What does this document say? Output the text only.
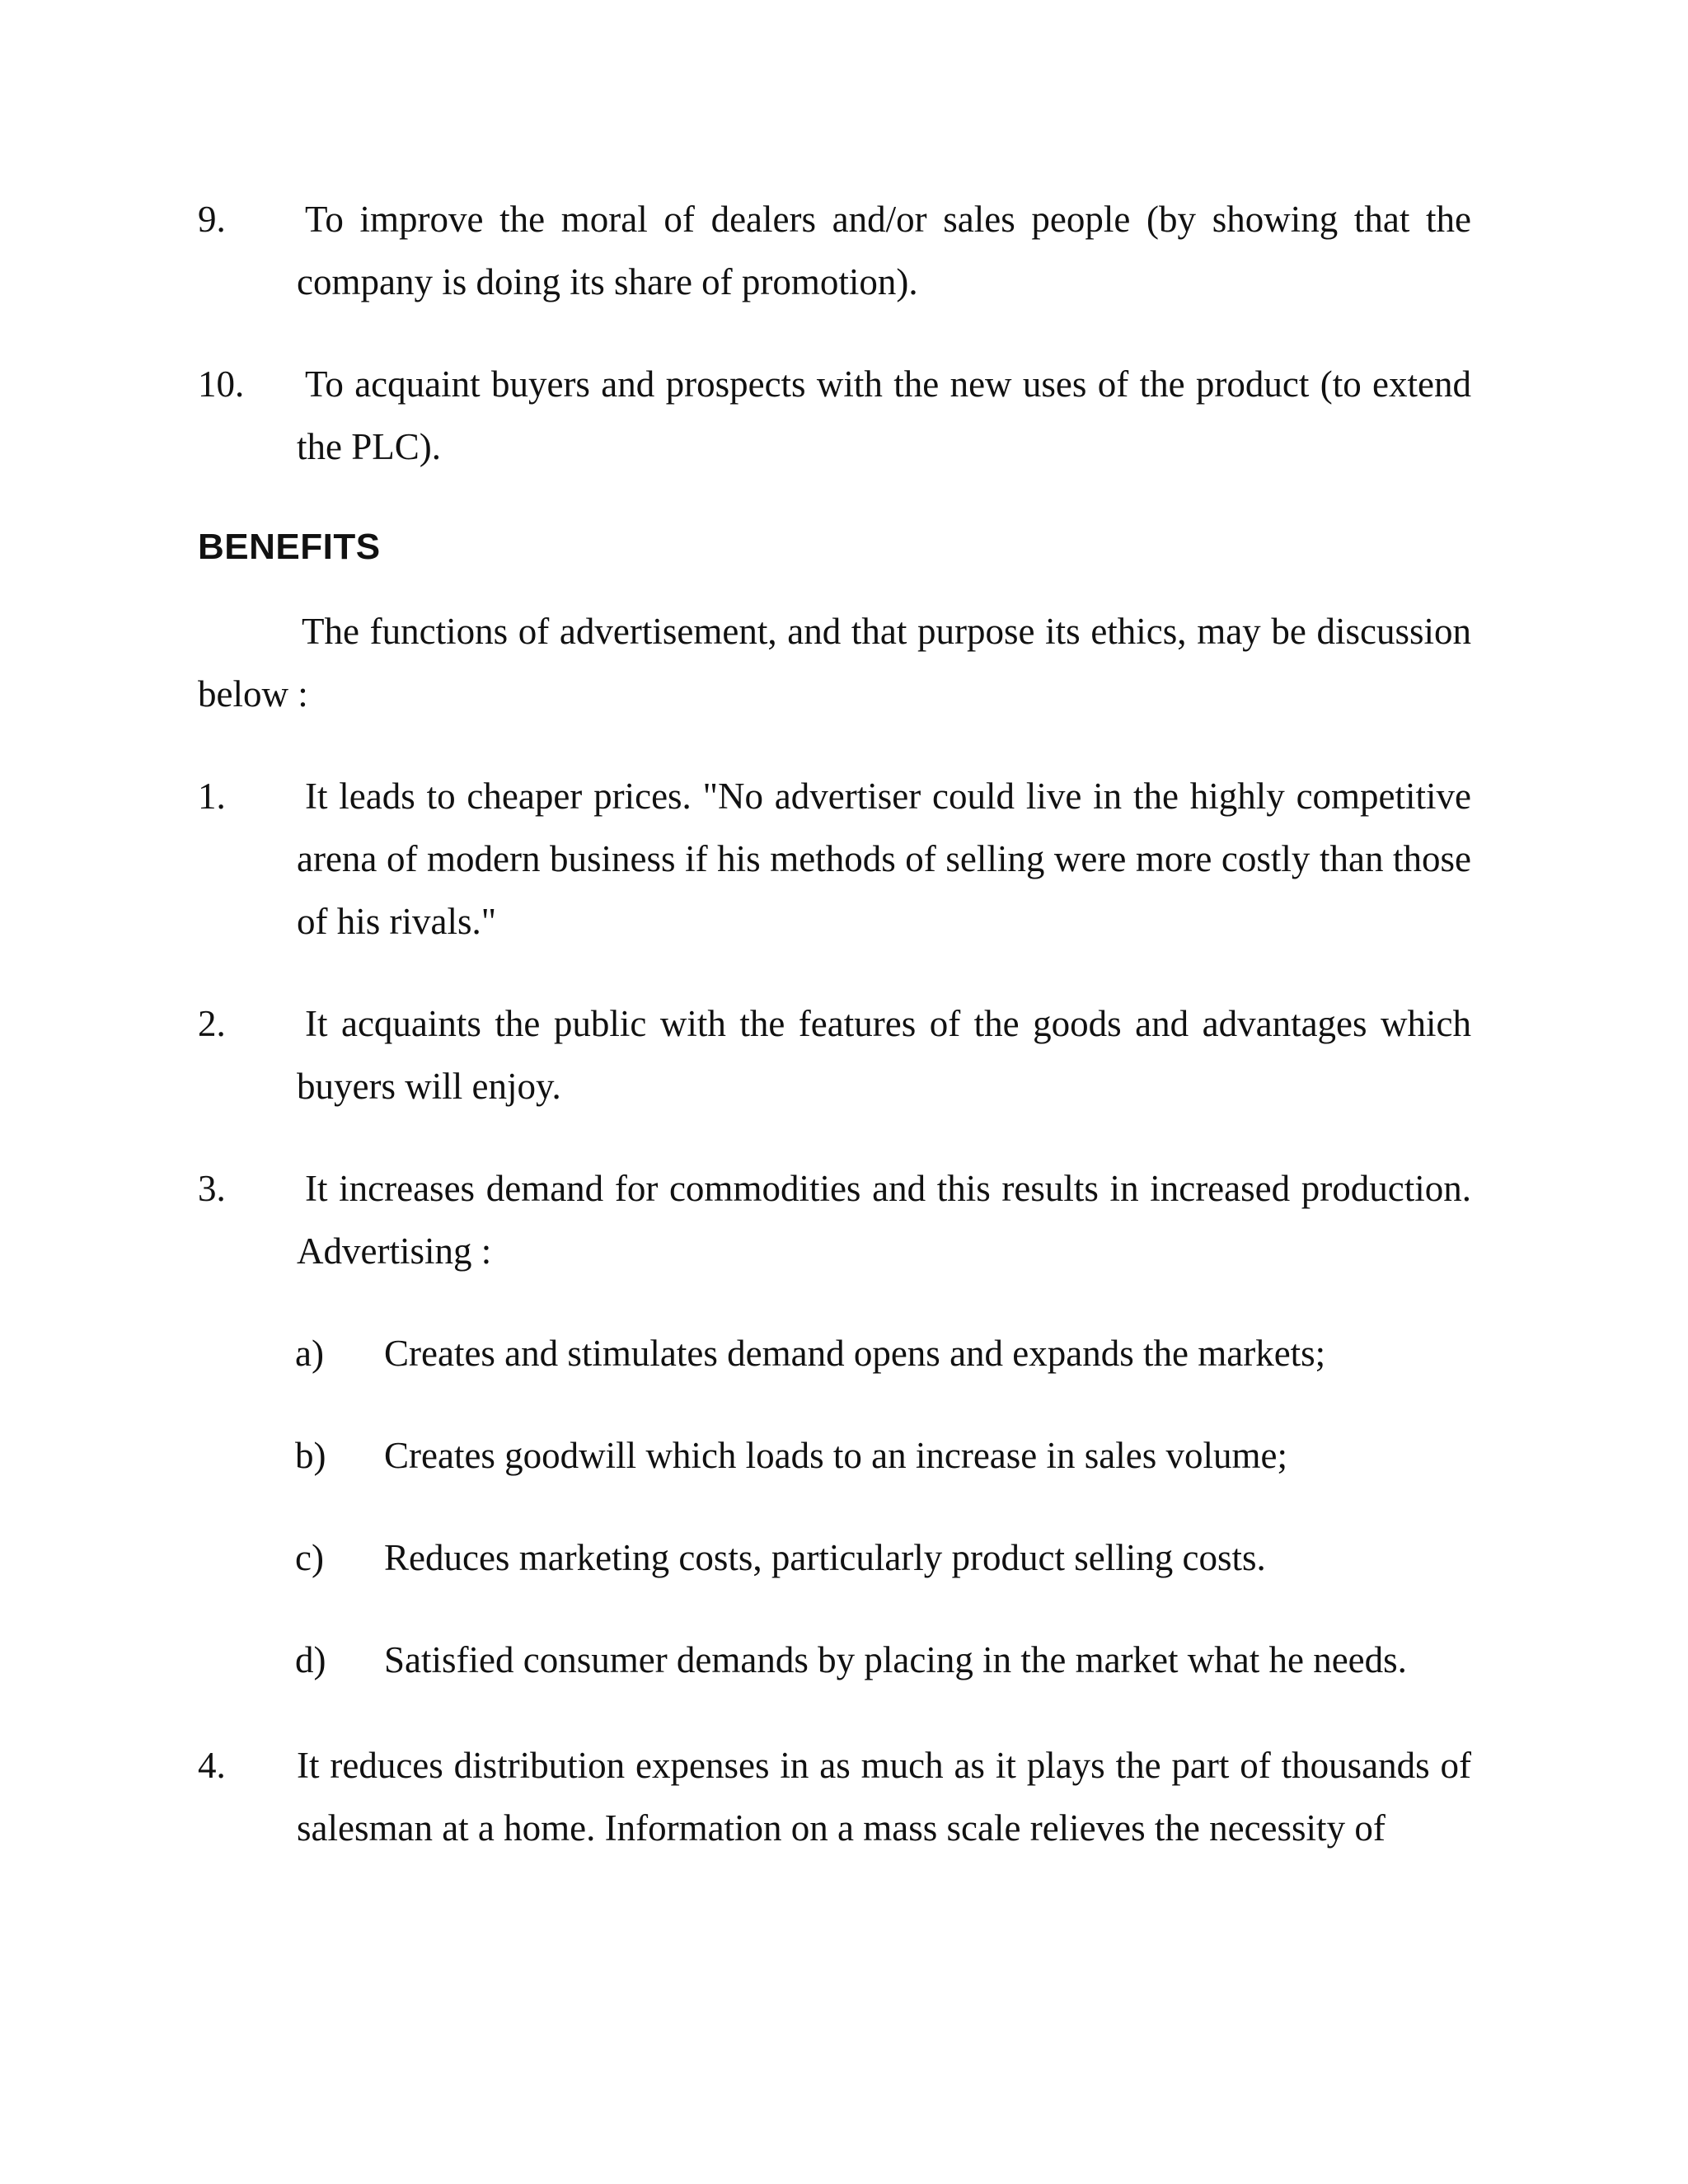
9. To improve the moral of dealers and/or sales people (by showing that the company is doing its share of promotion).
10. To acquaint buyers and prospects with the new uses of the product (to extend the PLC).
BENEFITS
The functions of advertisement, and that purpose its ethics, may be discussion below :
1. It leads to cheaper prices. "No advertiser could live in the highly competitive arena of modern business if his methods of selling were more costly than those of his rivals."
2. It acquaints the public with the features of the goods and advantages which buyers will enjoy.
3. It increases demand for commodities and this results in increased production. Advertising :
a) Creates and stimulates demand opens and expands the markets;
b) Creates goodwill which loads to an increase in sales volume;
c) Reduces marketing costs, particularly product selling costs.
d) Satisfied consumer demands by placing in the market what he needs.
4. It reduces distribution expenses in as much as it plays the part of thousands of salesman at a home. Information on a mass scale relieves the necessity of
